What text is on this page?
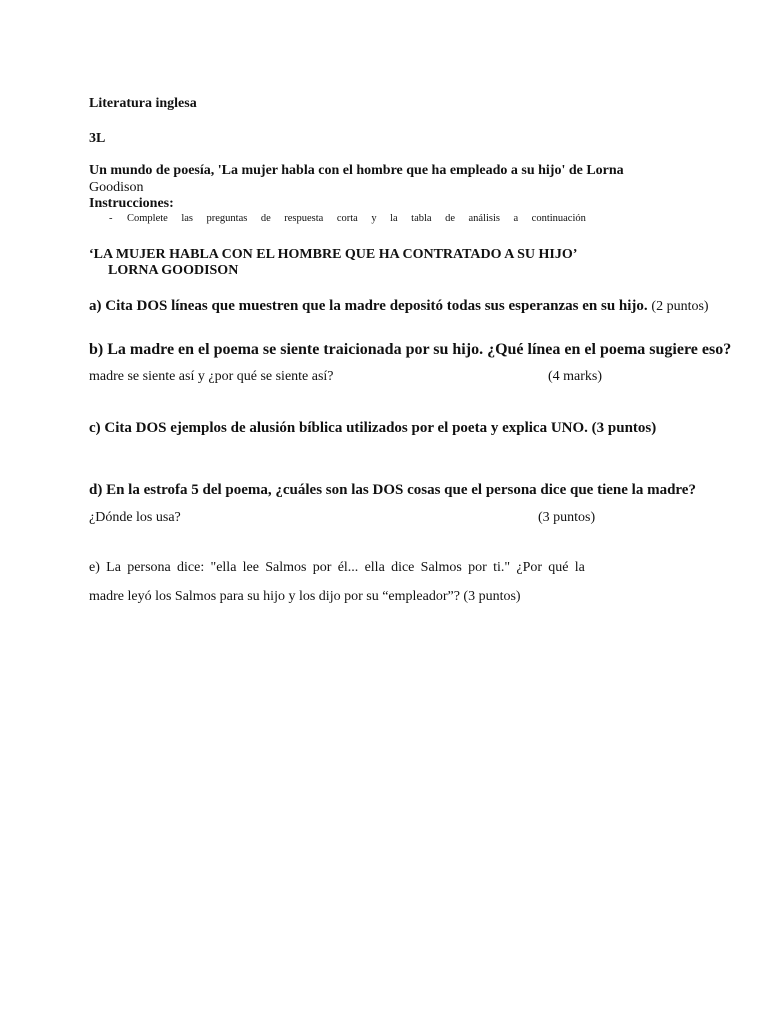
Literatura inglesa
3L
Un mundo de poesía, 'La mujer habla con el hombre que ha empleado a su hijo' de Lorna
Goodison
Instrucciones:
-	Complete las preguntas de respuesta corta y la tabla de análisis a continuación
‘LA MUJER HABLA CON EL HOMBRE QUE HA CONTRATADO A SU HIJO’
LORNA GOODISON
a) Cita DOS líneas que muestren que la madre depositó todas sus esperanzas en su hijo. (2 puntos)
b) La madre en el poema se siente traicionada por su hijo. ¿Qué línea en el poema sugiere eso?
madre se siente así y ¿por qué se siente así?	(4 marks)
c) Cita DOS ejemplos de alusión bíblica utilizados por el poeta y explica UNO. (3 puntos)
d) En la estrofa 5 del poema, ¿cuáles son las DOS cosas que el persona dice que tiene la madre?
¿Dónde los usa?	(3 puntos)
e) La persona dice: "ella lee Salmos por él... ella dice Salmos por ti." ¿Por qué la
madre leyó los Salmos para su hijo y los dijo por su “empleador”? (3 puntos)
